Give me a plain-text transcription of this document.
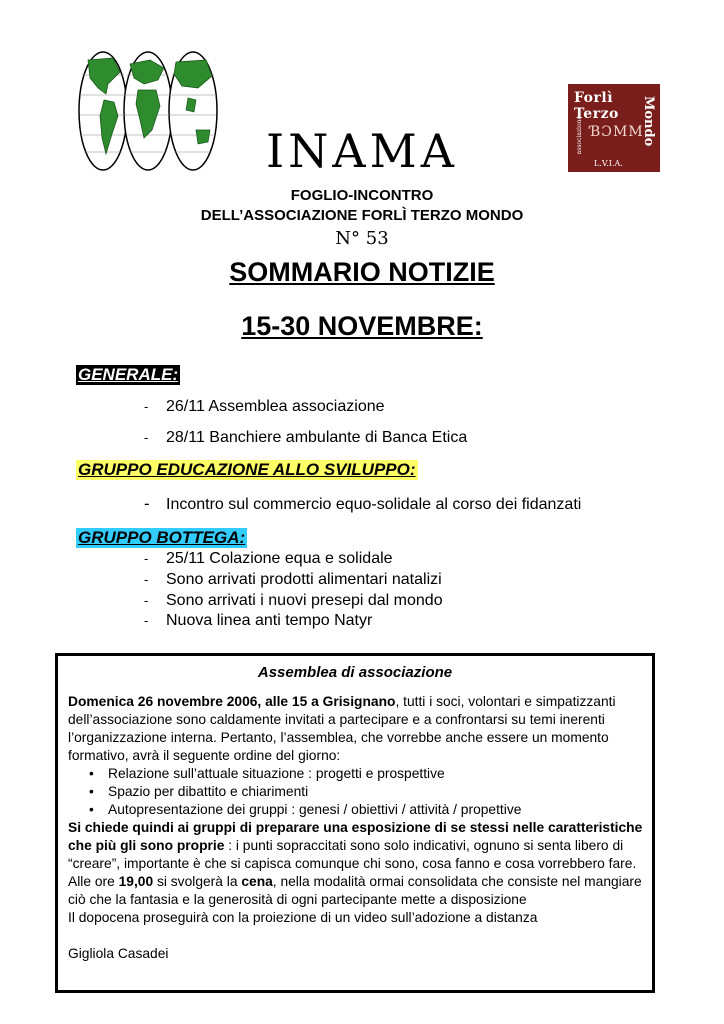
Forlì Terzo	Mondo
associazione ƁƆMM
L.V.I.A.
INAMA
FOGLIO-INCONTRO
DELL’ASSOCIAZIONE FORLÌ TERZO MONDO
N° 53
SOMMARIO NOTIZIE
15-30 NOVEMBRE:
GENERALE:
- 26/11 Assemblea associazione
- 28/11 Banchiere ambulante di Banca Etica
GRUPPO EDUCAZIONE ALLO SVILUPPO:
- Incontro sul commercio equo-solidale al corso dei fidanzati
GRUPPO BOTTEGA:
- 25/11 Colazione equa e solidale
- Sono arrivati prodotti alimentari natalizi
- Sono arrivati i nuovi presepi dal mondo
- Nuova linea anti tempo Natyr
Assemblea di associazione

Domenica 26 novembre 2006, alle 15 a Grisignano, tutti i soci, volontari e simpatizzanti dell’associazione sono caldamente invitati a partecipare e a confrontarsi su temi inerenti l’organizzazione interna. Pertanto, l’assemblea, che vorrebbe anche essere un momento formativo, avrà il seguente ordine del giorno:

• Relazione sull’attuale situazione : progetti e prospettive
• Spazio per dibattito e chiarimenti
• Autopresentazione dei gruppi : genesi / obiettivi / attività / propettive

Si chiede quindi ai gruppi di preparare una esposizione di se stessi nelle caratteristiche che più gli sono proprie : i punti sopraccitati sono solo indicativi, ognuno si senta libero di “creare”, importante è che si capisca comunque chi sono, cosa fanno e cosa vorrebbero fare.

Alle ore 19,00 si svolgerà la cena, nella modalità ormai consolidata che consiste nel mangiare ciò che la fantasia e la generosità di ogni partecipante mette a disposizione

Il dopocena proseguirà con la proiezione di un video sull’adozione a distanza

Gigliola Casadei
